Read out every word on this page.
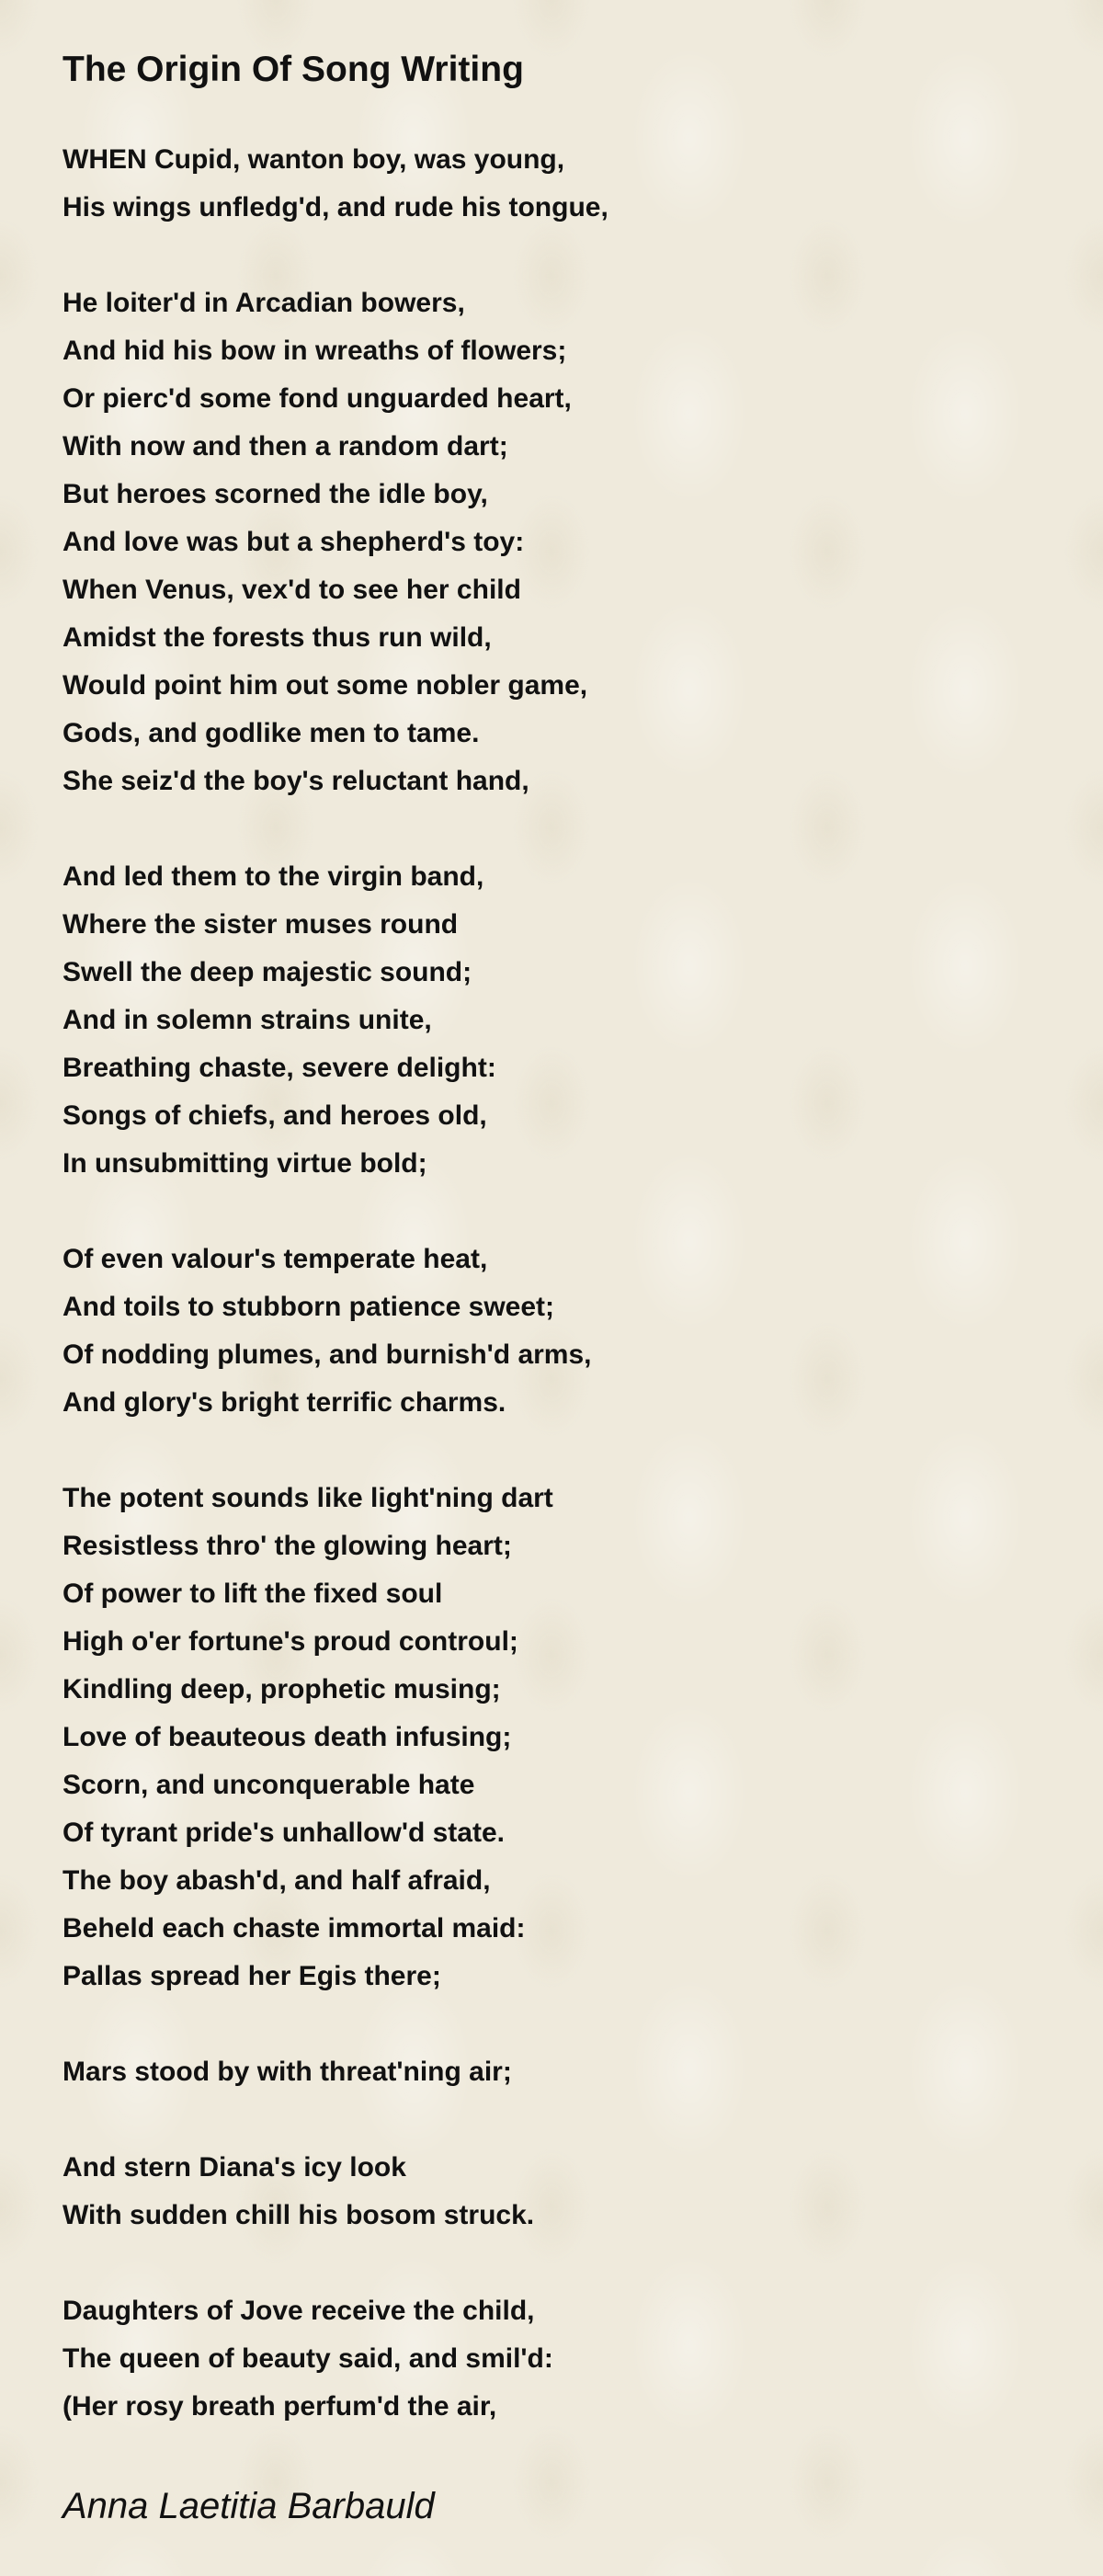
The Origin Of Song Writing
WHEN Cupid, wanton boy, was young,
His wings unfledg'd, and rude his tongue,
He loiter'd in Arcadian bowers,
And hid his bow in wreaths of flowers;
Or pierc'd some fond unguarded heart,
With now and then a random dart;
But heroes scorned the idle boy,
And love was but a shepherd's toy:
When Venus, vex'd to see her child
Amidst the forests thus run wild,
Would point him out some nobler game,
Gods, and godlike men to tame.
She seiz'd the boy's reluctant hand,
And led them to the virgin band,
Where the sister muses round
Swell the deep majestic sound;
And in solemn strains unite,
Breathing chaste, severe delight:
Songs of chiefs, and heroes old,
In unsubmitting virtue bold;
Of even valour's temperate heat,
And toils to stubborn patience sweet;
Of nodding plumes, and burnish'd arms,
And glory's bright terrific charms.
The potent sounds like light'ning dart
Resistless thro' the glowing heart;
Of power to lift the fixed soul
High o'er fortune's proud controul;
Kindling deep, prophetic musing;
Love of beauteous death infusing;
Scorn, and unconquerable hate
Of tyrant pride's unhallow'd state.
The boy abash'd, and half afraid,
Beheld each chaste immortal maid:
Pallas spread her Egis there;
Mars stood by with threat'ning air;
And stern Diana's icy look
With sudden chill his bosom struck.
Daughters of Jove receive the child,
The queen of beauty said, and smil'd:
(Her rosy breath perfum'd the air,
Anna Laetitia Barbauld
